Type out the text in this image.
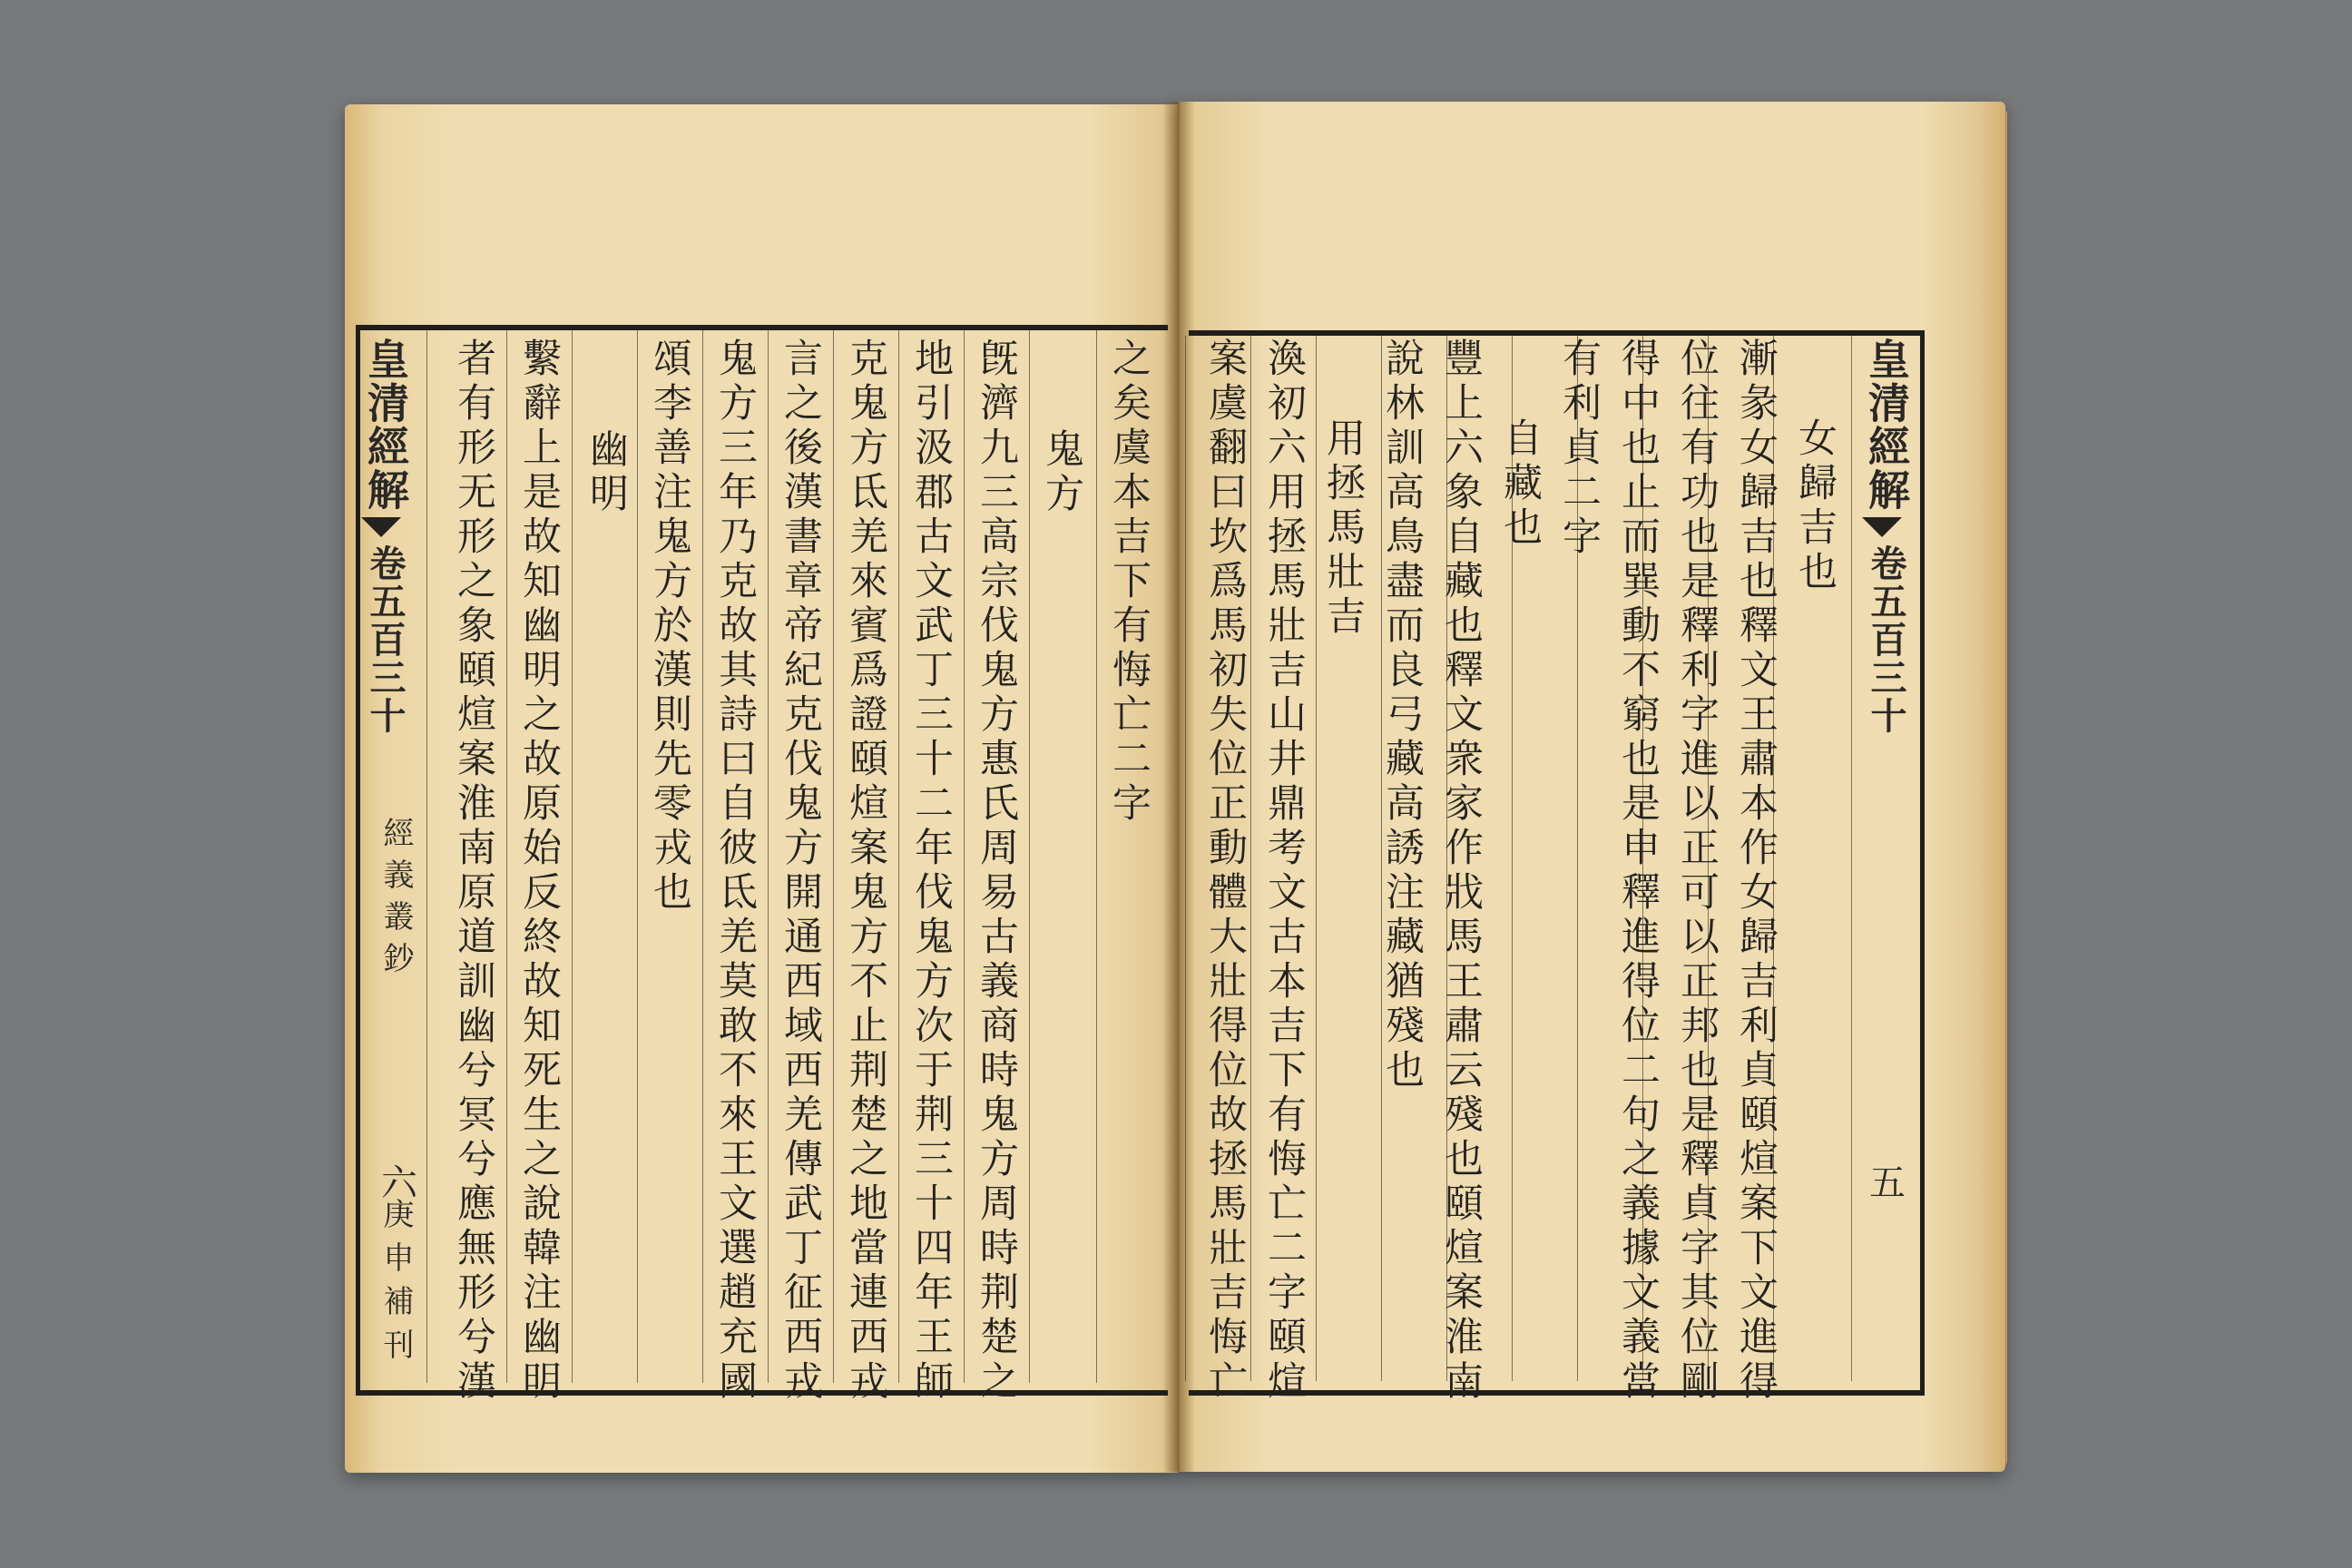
皇清經解
卷五百三十
經義叢鈔
六
庚申補刊
皇清經解
卷五百三十
五
之矣虞本吉下有悔亡二字
鬼方
旣濟九三高宗伐鬼方惠氏周易古義商時鬼方周時荆楚之
地引汲郡古文武丁三十二年伐鬼方次于荆三十四年王師
克鬼方氐羌來賓爲證頤煊案鬼方不止荆楚之地當連西戎
言之後漢書章帝紀克伐鬼方開通西域西羌傳武丁征西戎
鬼方三年乃克故其詩曰自彼氐羌莫敢不來王文選趙充國
頌李善注鬼方於漢則先零戎也
幽明
繫辭上是故知幽明之故原始反終故知死生之說韓注幽明
者有形无形之象頤煊案淮南原道訓幽兮冥兮應無形兮漢	女歸吉也
漸彖女歸吉也釋文王肅本作女歸吉利貞頤煊案下文進得
位往有功也是釋利字進以正可以正邦也是釋貞字其位剛
得中也止而巽動不窮也是申釋進得位二句之義據文義當
有利貞二字
自藏也
豐上六象自藏也釋文衆家作戕馬王肅云殘也頤煊案淮南
說林訓高鳥盡而良弓藏高誘注藏猶殘也
用拯馬壯吉
渙初六用拯馬壯吉山井鼎考文古本吉下有悔亡二字頤煊
案虞翻曰坎爲馬初失位正動體大壯得位故拯馬壯吉悔亡
